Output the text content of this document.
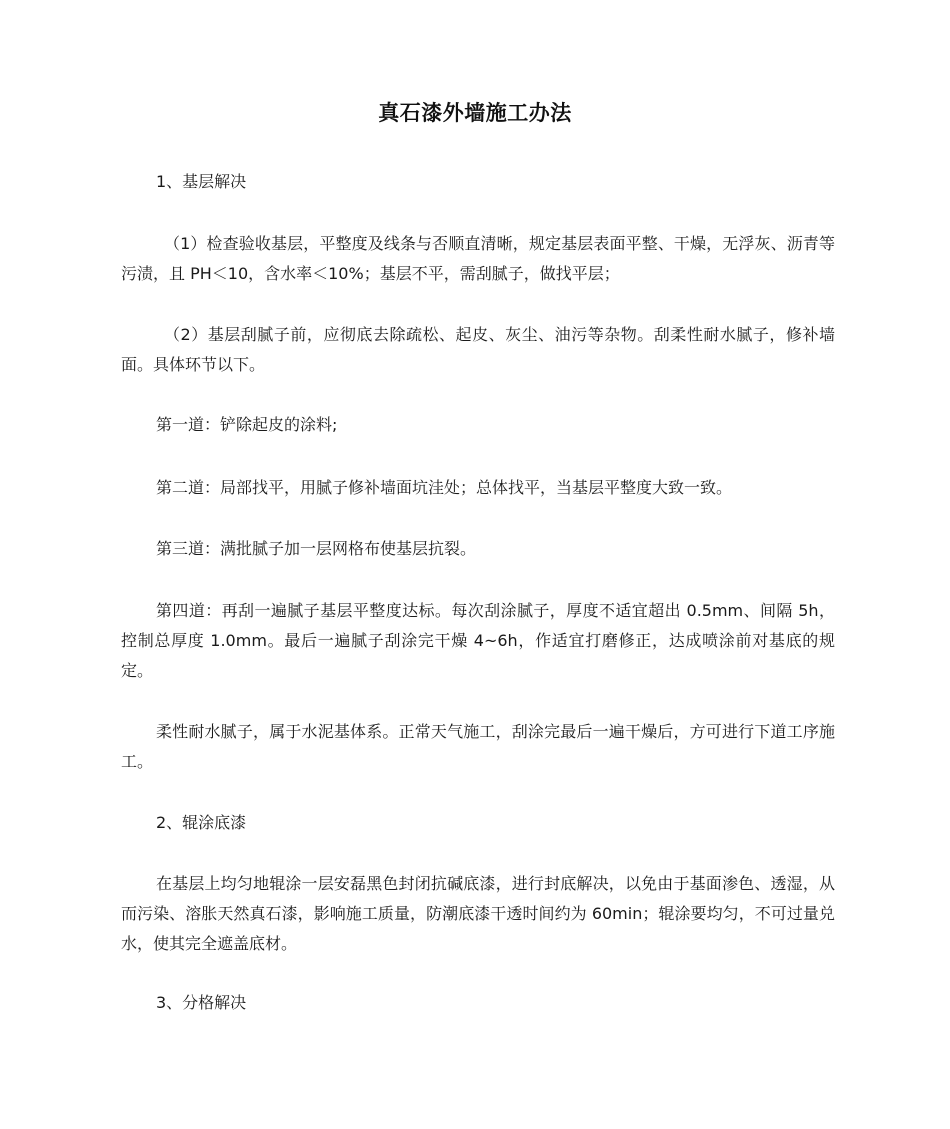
真石漆外墙施工办法

1、基层解决

（1）检查验收基层，平整度及线条与否顺直清晰，规定基层表面平整、干燥，无浮灰、沥青等污渍，且 PH＜10，含水率＜10%；基层不平，需刮腻子，做找平层；

（2）基层刮腻子前，应彻底去除疏松、起皮、灰尘、油污等杂物。刮柔性耐水腻子，修补墙面。具体环节以下。

第一道：铲除起皮的涂料;

第二道：局部找平，用腻子修补墙面坑洼处；总体找平，当基层平整度大致一致。

第三道：满批腻子加一层网格布使基层抗裂。

第四道：再刮一遍腻子基层平整度达标。每次刮涂腻子，厚度不适宜超出 0.5mm、间隔 5h，控制总厚度 1.0mm。最后一遍腻子刮涂完干燥 4~6h，作适宜打磨修正，达成喷涂前对基底的规定。

柔性耐水腻子，属于水泥基体系。正常天气施工，刮涂完最后一遍干燥后，方可进行下道工序施工。

2、辊涂底漆

在基层上均匀地辊涂一层安磊黑色封闭抗碱底漆，进行封底解决，以免由于基面渗色、透湿，从而污染、溶胀天然真石漆，影响施工质量，防潮底漆干透时间约为 60min；辊涂要均匀，不可过量兑水，使其完全遮盖底材。

3、分格解决
